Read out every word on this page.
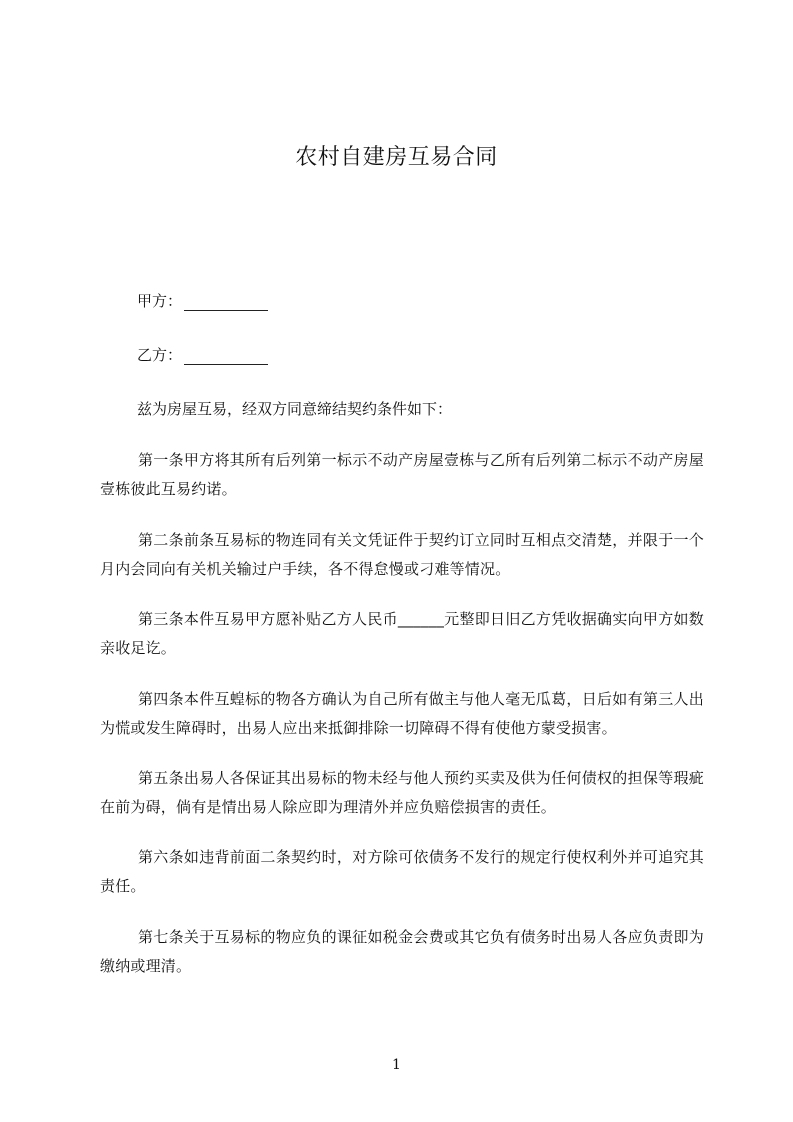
农村自建房互易合同
甲方：
乙方：
兹为房屋互易，经双方同意缔结契约条件如下：

第一条甲方将其所有后列第一标示不动产房屋壹栋与乙所有后列第二标示不动产房屋壹栋彼此互易约诺。

第二条前条互易标的物连同有关文凭证件于契约订立同时互相点交清楚，并限于一个月内会同向有关机关输过户手续，各不得怠慢或刁难等情况。

第三条本件互易甲方愿补贴乙方人民币______元整即日旧乙方凭收据确实向甲方如数亲收足讫。

第四条本件互蝗标的物各方确认为自己所有做主与他人毫无瓜葛，日后如有第三人出为慌或发生障碍时，出易人应出来抵御排除一切障碍不得有使他方蒙受损害。

第五条出易人各保证其出易标的物未经与他人预约买卖及供为任何债权的担保等瑕疵在前为碍，倘有是情出易人除应即为理清外并应负赔偿损害的责任。

第六条如违背前面二条契约时，对方除可依债务不发行的规定行使权利外并可追究其责任。

第七条关于互易标的物应负的课征如税金会费或其它负有债务时出易人各应负责即为缴纳或理清。

1
